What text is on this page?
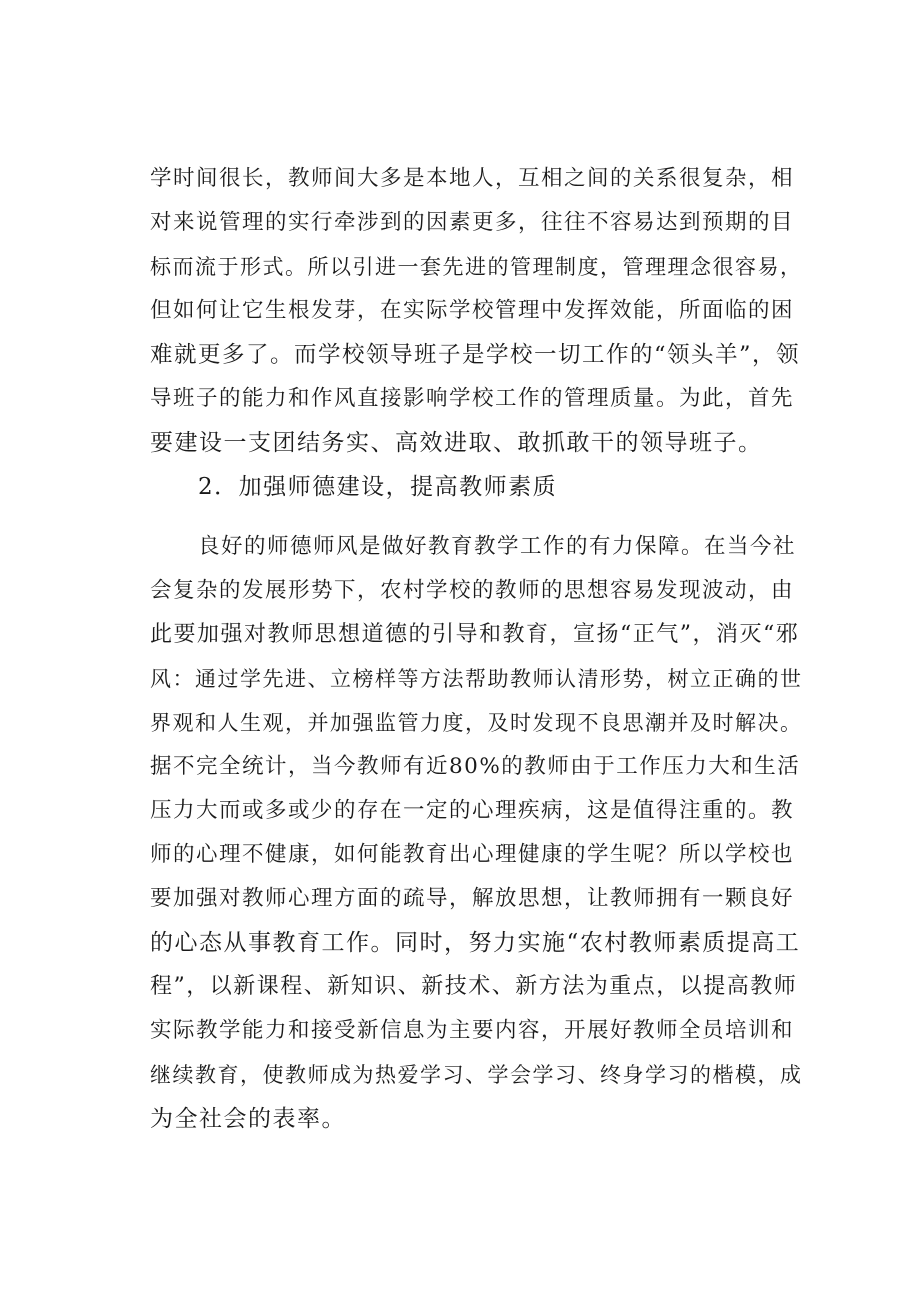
学时间很长，教师间大多是本地人，互相之间的关系很复杂，相
对来说管理的实行牵涉到的因素更多，往往不容易达到预期的目
标而流于形式。所以引进一套先进的管理制度，管理理念很容易，
但如何让它生根发芽，在实际学校管理中发挥效能，所面临的困
难就更多了。而学校领导班子是学校一切工作的“领头羊”，领
导班子的能力和作风直接影响学校工作的管理质量。为此，首先
要建设一支团结务实、高效进取、敢抓敢干的领导班子。
2．加强师德建设，提高教师素质
良好的师德师风是做好教育教学工作的有力保障。在当今社
会复杂的发展形势下，农村学校的教师的思想容易发现波动，由
此要加强对教师思想道德的引导和教育，宣扬“正气”，消灭“邪
风：通过学先进、立榜样等方法帮助教师认清形势，树立正确的世
界观和人生观，并加强监管力度，及时发现不良思潮并及时解决。
据不完全统计，当今教师有近80%的教师由于工作压力大和生活
压力大而或多或少的存在一定的心理疾病，这是值得注重的。教
师的心理不健康，如何能教育出心理健康的学生呢？所以学校也
要加强对教师心理方面的疏导，解放思想，让教师拥有一颗良好
的心态从事教育工作。同时，努力实施“农村教师素质提高工
程”，以新课程、新知识、新技术、新方法为重点，以提高教师
实际教学能力和接受新信息为主要内容，开展好教师全员培训和
继续教育，使教师成为热爱学习、学会学习、终身学习的楷模，成
为全社会的表率。
